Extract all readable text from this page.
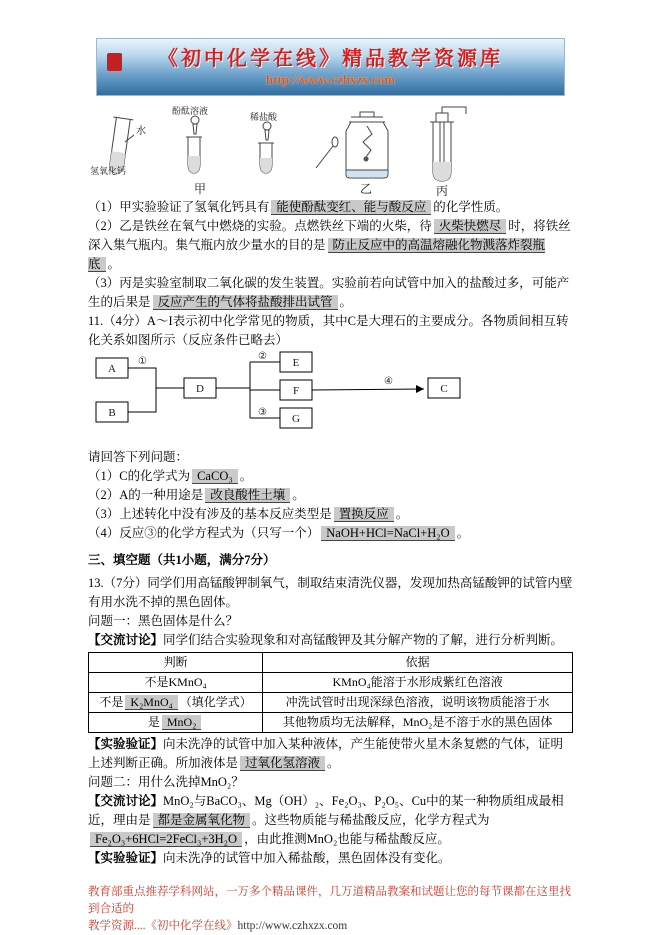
《初中化学在线》精品教学资源库
http://www.czhxzx.com
水
氢氧化钙
酚酞溶液
稀盐酸
甲	乙	丙

（1）甲实验验证了氢氧化钙具有 能使酚酞变红、能与酸反应 的化学性质。

（2）乙是铁丝在氧气中燃烧的实验。点燃铁丝下端的火柴，待 火柴快燃尽 时，将铁丝深入集气瓶内。集气瓶内放少量水的目的是 防止反应中的高温熔融化物溅落炸裂瓶底 。

（3）丙是实验室制取二氧化碳的发生装置。实验前若向试管中加入的盐酸过多，可能产生的后果是 反应产生的气体将盐酸排出试管 。

11.（4分）A～I表示初中化学常见的物质，其中C是大理石的主要成分。各物质间相互转化关系如图所示（反应条件已略去）

A
B
D
E
F
G
C
①	②
③
④

请回答下列问题：

（1）C的化学式为 CaCO₃ 。

（2）A的一种用途是 改良酸性土壤 。

（3）上述转化中没有涉及的基本反应类型是 置换反应 。

（4）反应③的化学方程式为（只写一个） NaOH+HCl=NaCl+H₂O 。

三、填空题（共1小题，满分7分）

13.（7分）同学们用高锰酸钾制氧气，制取结束清洗仪器，发现加热高锰酸钾的试管内壁有用水洗不掉的黑色固体。

问题一：黑色固体是什么？

【交流讨论】同学们结合实验现象和对高锰酸钾及其分解产物的了解，进行分析判断。

判断	依据
不是KMnO₄	KMnO₄能溶于水形成紫红色溶液
不是 K₂MnO₄ （填化学式）	冲洗试管时出现深绿色溶液，说明该物质能溶于水
是 MnO₂	其他物质均无法解释，MnO₂是不溶于水的黑色固体

【实验验证】向未洗净的试管中加入某种液体，产生能使带火星木条复燃的气体，证明上述判断正确。所加液体是 过氧化氢溶液 。

问题二：用什么洗掉MnO₂？

【交流讨论】MnO₂与BaCO₃、Mg（OH）₂、Fe₂O₃、P₂O₅、Cu中的某一种物质组成最相近，理由是 都是金属氧化物 。这些物质能与稀盐酸反应，化学方程式为Fe₂O₃+6HCl=2FeCl₃+3H₂O ，由此推测MnO₂也能与稀盐酸反应。

【实验验证】向未洗净的试管中加入稀盐酸，黑色固体没有变化。

教育部重点推荐学科网站，一万多个精品课件，几万道精品教案和试题让您的每节课都在这里找到合适的
教学资源....《初中化学在线》http://www.czhxzx.com
